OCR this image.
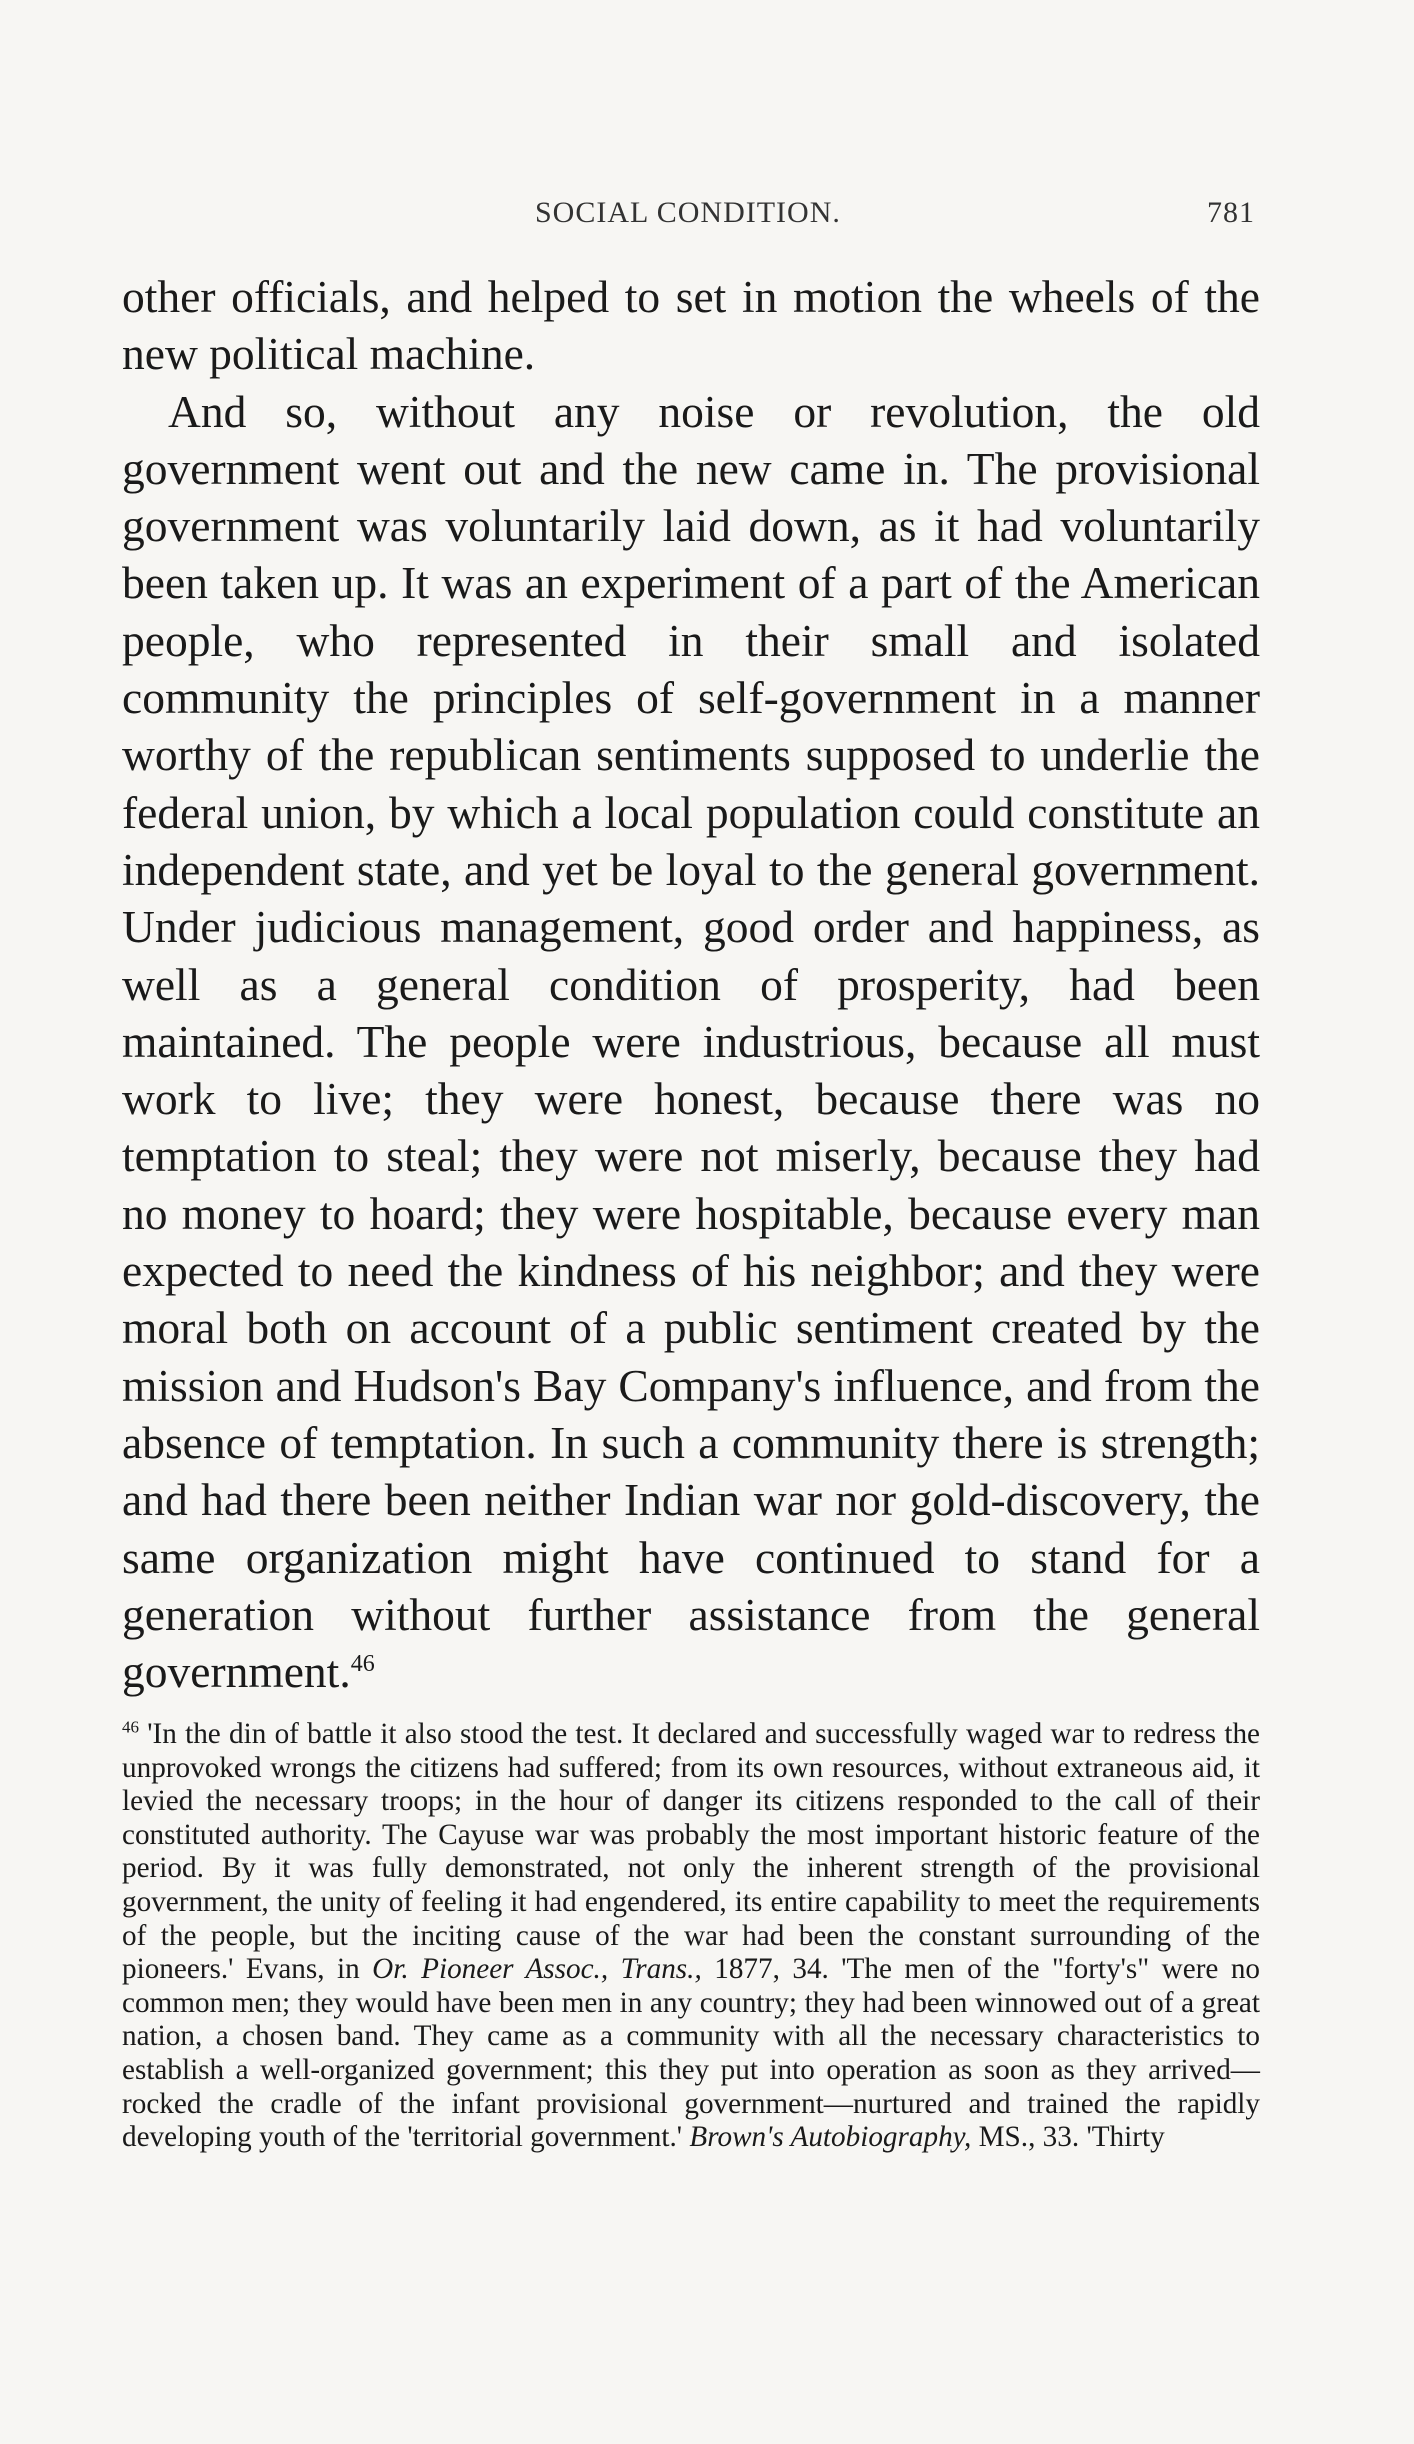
SOCIAL CONDITION.	781

other officials, and helped to set in motion the wheels of the new political machine.

And so, without any noise or revolution, the old government went out and the new came in. The provisional government was voluntarily laid down, as it had voluntarily been taken up. It was an experiment of a part of the American people, who represented in their small and isolated community the principles of self-government in a manner worthy of the republican sentiments supposed to underlie the federal union, by which a local population could constitute an independent state, and yet be loyal to the general government. Under judicious management, good order and happiness, as well as a general condition of prosperity, had been maintained. The people were industrious, because all must work to live; they were honest, because there was no temptation to steal; they were not miserly, because they had no money to hoard; they were hospitable, because every man expected to need the kindness of his neighbor; and they were moral both on account of a public sentiment created by the mission and Hudson's Bay Company's influence, and from the absence of temptation. In such a community there is strength; and had there been neither Indian war nor gold-discovery, the same organization might have continued to stand for a generation without further assistance from the general government.$^{46}$

$^{46}$ 'In the din of battle it also stood the test. It declared and successfully waged war to redress the unprovoked wrongs the citizens had suffered; from its own resources, without extraneous aid, it levied the necessary troops; in the hour of danger its citizens responded to the call of their constituted authority. The Cayuse war was probably the most important historic feature of the period. By it was fully demonstrated, not only the inherent strength of the provisional government, the unity of feeling it had engendered, its entire capability to meet the requirements of the people, but the inciting cause of the war had been the constant surrounding of the pioneers.' Evans, in Or. Pioneer Assoc., Trans., 1877, 34. 'The men of the "forty's" were no common men; they would have been men in any country; they had been winnowed out of a great nation, a chosen band. They came as a community with all the necessary characteristics to establish a well-organized government; this they put into operation as soon as they arrived—rocked the cradle of the infant provisional government—nurtured and trained the rapidly developing youth of the 'territorial government.' Brown's Autobiography, MS., 33. 'Thirty
